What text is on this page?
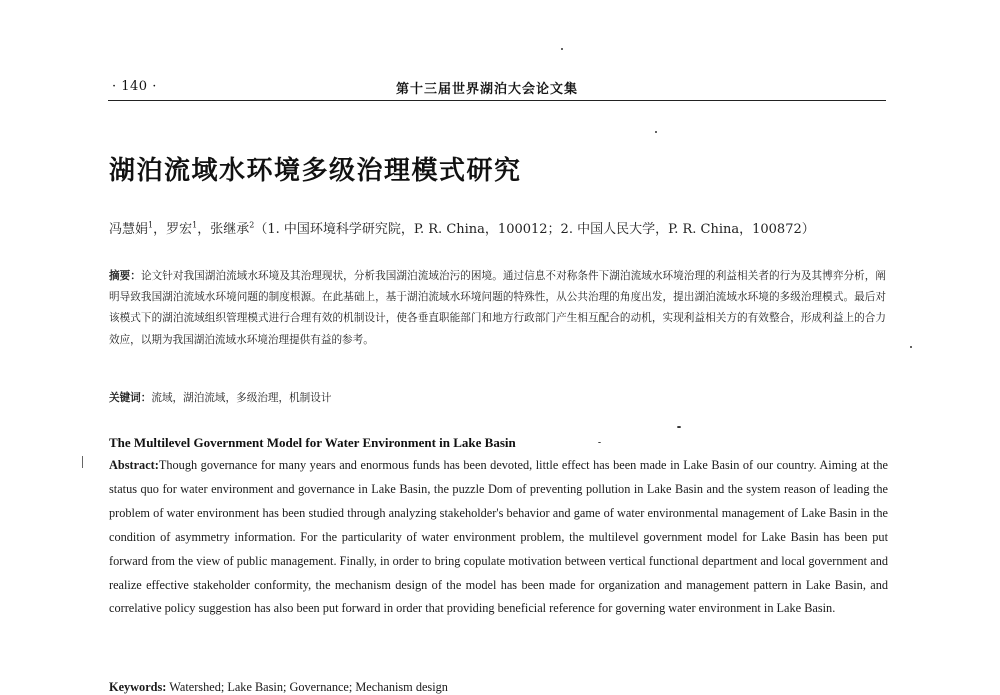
· 140 ·	第十三届世界湖泊大会论文集
湖泊流域水环境多级治理模式研究
冯慧娟$^1$，罗宏$^1$，张继承$^2$（1. 中国环境科学研究院，P. R. China，100012；2. 中国人民大学，P. R. China，100872）
摘要：论文针对我国湖泊流域水环境及其治理现状，分析我国湖泊流域治污的困境。通过信息不对称条件下湖泊流域水环境治理的利益相关者的行为及其博弈分析，阐明导致我国湖泊流域水环境问题的制度根源。在此基础上，基于湖泊流域水环境问题的特殊性，从公共治理的角度出发，提出湖泊流域水环境的多级治理模式。最后对该模式下的湖泊流域组织管理模式进行合理有效的机制设计，使各垂直职能部门和地方行政部门产生相互配合的动机，实现利益相关方的有效整合，形成利益上的合力效应，以期为我国湖泊流域水环境治理提供有益的参考。
关键词：流域，湖泊流域，多级治理，机制设计
The Multilevel Government Model for Water Environment in Lake Basin
Abstract:Though governance for many years and enormous funds has been devoted, little effect has been made in Lake Basin of our country. Aiming at the status quo for water environment and governance in Lake Basin, the puzzle Dom of preventing pollution in Lake Basin and the system reason of leading the problem of water environment has been studied through analyzing stakeholder's behavior and game of water environmental management of Lake Basin in the condition of asymmetry information. For the particularity of water environment problem, the multilevel government model for Lake Basin has been put forward from the view of public management. Finally, in order to bring copulate motivation between vertical functional department and local government and realize effective stakeholder conformity, the mechanism design of the model has been made for organization and management pattern in Lake Basin, and correlative policy suggestion has also been put forward in order that providing beneficial reference for governing water environment in Lake Basin.
Keywords: Watershed; Lake Basin; Governance; Mechanism design
